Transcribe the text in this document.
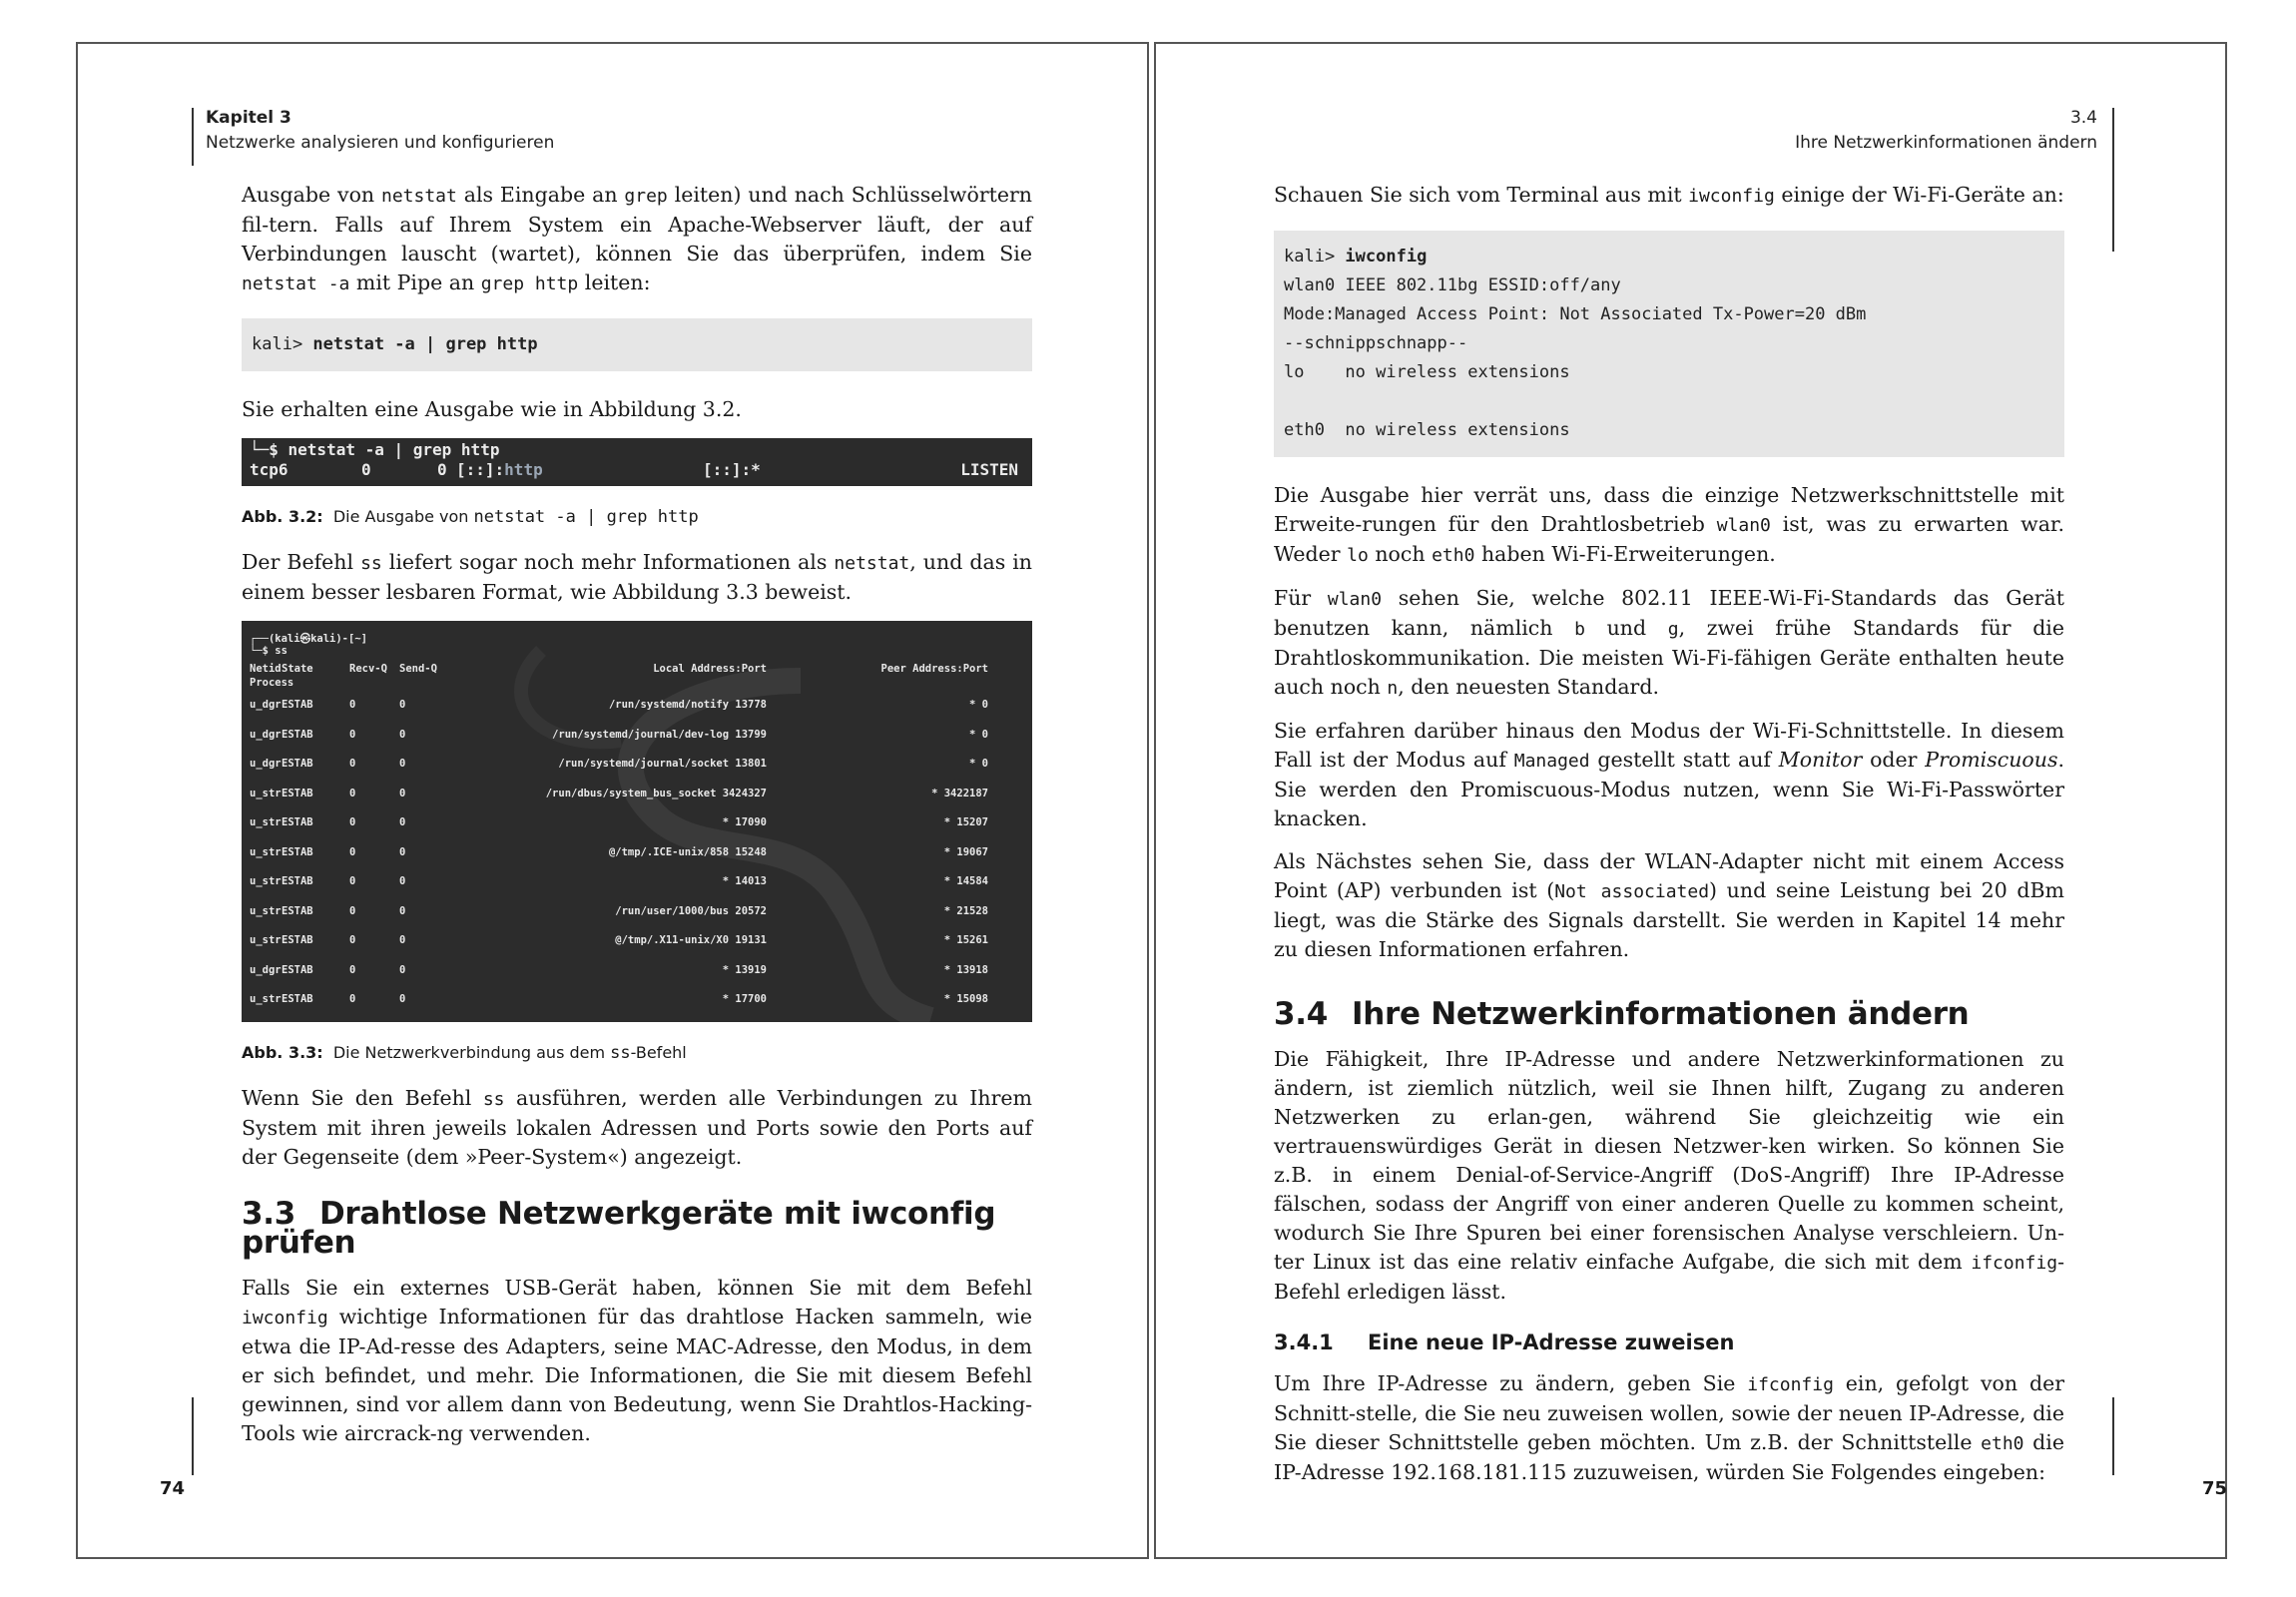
Kapitel 3
Netzwerke analysieren und konfigurieren

Ausgabe von netstat als Eingabe an grep leiten) und nach Schlüsselwörtern fil-tern. Falls auf Ihrem System ein Apache-Webserver läuft, der auf Verbindungen lauscht (wartet), können Sie das überprüfen, indem Sie netstat -a mit Pipe an grep http leiten:

kali> netstat -a | grep http

Sie erhalten eine Ausgabe wie in Abbildung 3.2.

└─$ netstat -a | grep http
tcp6	0	0 [::]:http	[::]:*	LISTEN
Abb. 3.2: Die Ausgabe von netstat -a | grep http

Der Befehl ss liefert sogar noch mehr Informationen als netstat, und das in einem besser lesbaren Format, wie Abbildung 3.3 beweist.

┌──(kali㉿kali)-[~]
└─$ ss
Netid State	Recv-Q Send-Q	Local Address:Port	Peer Address:Port
Process
u_dgr ESTAB	0	0	/run/systemd/notify 13778	* 0
u_dgr ESTAB	0	0	/run/systemd/journal/dev-log 13799	* 0
u_dgr ESTAB	0	0	/run/systemd/journal/socket 13801	* 0
u_str ESTAB	0	0	/run/dbus/system_bus_socket 3424327	* 3422187
u_str ESTAB	0	0	* 17090	* 15207
u_str ESTAB	0	0	@/tmp/.ICE-unix/858 15248	* 19067
u_str ESTAB	0	0	* 14013	* 14584
u_str ESTAB	0	0	/run/user/1000/bus 20572	* 21528
u_str ESTAB	0	0	@/tmp/.X11-unix/X0 19131	* 15261
u_dgr ESTAB	0	0	* 13919	* 13918
u_str ESTAB	0	0	* 17700	* 15098
Abb. 3.3: Die Netzwerkverbindung aus dem ss-Befehl

Wenn Sie den Befehl ss ausführen, werden alle Verbindungen zu Ihrem System mit ihren jeweils lokalen Adressen und Ports sowie den Ports auf der Gegenseite (dem »Peer-System«) angezeigt.

3.3 Drahtlose Netzwerkgeräte mit iwconfig prüfen

Falls Sie ein externes USB-Gerät haben, können Sie mit dem Befehl iwconfig wichtige Informationen für das drahtlose Hacken sammeln, wie etwa die IP-Ad-resse des Adapters, seine MAC-Adresse, den Modus, in dem er sich befindet, und mehr. Die Informationen, die Sie mit diesem Befehl gewinnen, sind vor allem dann von Bedeutung, wenn Sie Drahtlos-Hacking-Tools wie aircrack-ng verwenden.

74
3.4
Ihre Netzwerkinformationen ändern

Schauen Sie sich vom Terminal aus mit iwconfig einige der Wi-Fi-Geräte an:

kali> iwconfig
wlan0 IEEE 802.11bg ESSID:off/any
Mode:Managed Access Point: Not Associated Tx-Power=20 dBm
--schnippschnapp--
lo    no wireless extensions

eth0  no wireless extensions

Die Ausgabe hier verrät uns, dass die einzige Netzwerkschnittstelle mit Erweite-rungen für den Drahtlosbetrieb wlan0 ist, was zu erwarten war. Weder lo noch eth0 haben Wi-Fi-Erweiterungen.

Für wlan0 sehen Sie, welche 802.11 IEEE-Wi-Fi-Standards das Gerät benutzen kann, nämlich b und g, zwei frühe Standards für die Drahtloskommunikation. Die meisten Wi-Fi-fähigen Geräte enthalten heute auch noch n, den neuesten Standard.

Sie erfahren darüber hinaus den Modus der Wi-Fi-Schnittstelle. In diesem Fall ist der Modus auf Managed gestellt statt auf Monitor oder Promiscuous. Sie werden den Promiscuous-Modus nutzen, wenn Sie Wi-Fi-Passwörter knacken.

Als Nächstes sehen Sie, dass der WLAN-Adapter nicht mit einem Access Point (AP) verbunden ist (Not associated) und seine Leistung bei 20 dBm liegt, was die Stärke des Signals darstellt. Sie werden in Kapitel 14 mehr zu diesen Informationen erfahren.

3.4 Ihre Netzwerkinformationen ändern

Die Fähigkeit, Ihre IP-Adresse und andere Netzwerkinformationen zu ändern, ist ziemlich nützlich, weil sie Ihnen hilft, Zugang zu anderen Netzwerken zu erlan-gen, während Sie gleichzeitig wie ein vertrauenswürdiges Gerät in diesen Netzwer-ken wirken. So können Sie z.B. in einem Denial-of-Service-Angriff (DoS-Angriff) Ihre IP-Adresse fälschen, sodass der Angriff von einer anderen Quelle zu kommen scheint, wodurch Sie Ihre Spuren bei einer forensischen Analyse verschleiern. Un-ter Linux ist das eine relativ einfache Aufgabe, die sich mit dem ifconfig-Befehl erledigen lässt.

3.4.1 Eine neue IP-Adresse zuweisen

Um Ihre IP-Adresse zu ändern, geben Sie ifconfig ein, gefolgt von der Schnitt-stelle, die Sie neu zuweisen wollen, sowie der neuen IP-Adresse, die Sie dieser Schnittstelle geben möchten. Um z.B. der Schnittstelle eth0 die IP-Adresse 192.168.181.115 zuzuweisen, würden Sie Folgendes eingeben:

75
